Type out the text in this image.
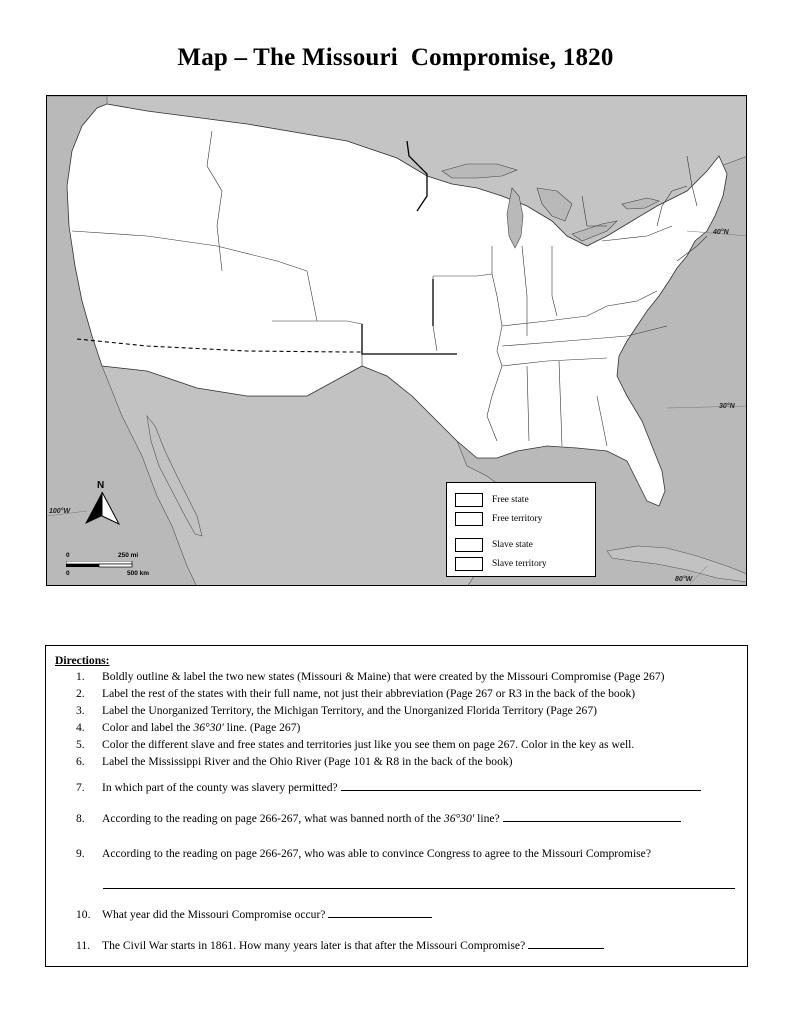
Map – The Missouri  Compromise, 1820
40°N
30°N
100°W
80°W
N
0	250 mi
0	500 km
Free state
Free territory
Slave state
Slave territory
Directions:
1. Boldly outline & label the two new states (Missouri & Maine) that were created by the Missouri Compromise (Page 267)
2. Label the rest of the states with their full name, not just their abbreviation (Page 267 or R3 in the back of the book)
3. Label the Unorganized Territory, the Michigan Territory, and the Unorganized Florida Territory (Page 267)
4. Color and label the 36°30' line. (Page 267)
5. Color the different slave and free states and territories just like you see them on page 267. Color in the key as well.
6. Label the Mississippi River and the Ohio River (Page 101 & R8 in the back of the book)
7. In which part of the county was slavery permitted?
8. According to the reading on page 266-267, what was banned north of the 36°30' line?
9. According to the reading on page 266-267, who was able to convince Congress to agree to the Missouri Compromise?
10. What year did the Missouri Compromise occur?
11. The Civil War starts in 1861. How many years later is that after the Missouri Compromise?
